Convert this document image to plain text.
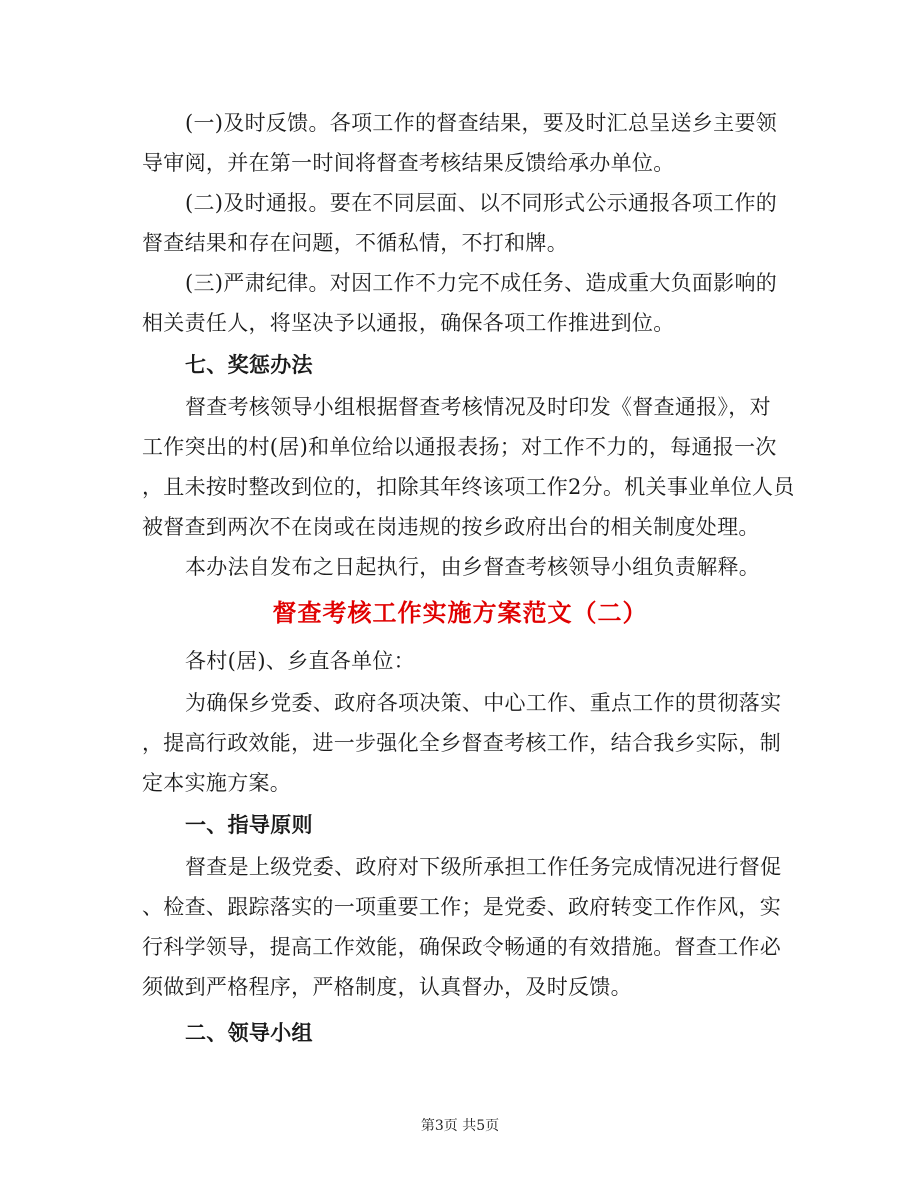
(一)及时反馈。各项工作的督查结果，要及时汇总呈送乡主要领
导审阅，并在第一时间将督查考核结果反馈给承办单位。
(二)及时通报。要在不同层面、以不同形式公示通报各项工作的
督查结果和存在问题，不循私情，不打和牌。
(三)严肃纪律。对因工作不力完不成任务、造成重大负面影响的
相关责任人，将坚决予以通报，确保各项工作推进到位。
七、奖惩办法
督查考核领导小组根据督查考核情况及时印发《督查通报》，对
工作突出的村(居)和单位给以通报表扬；对工作不力的，每通报一次
，且未按时整改到位的，扣除其年终该项工作2分。机关事业单位人员
被督查到两次不在岗或在岗违规的按乡政府出台的相关制度处理。
本办法自发布之日起执行，由乡督查考核领导小组负责解释。
督查考核工作实施方案范文（二）
各村(居)、乡直各单位：
为确保乡党委、政府各项决策、中心工作、重点工作的贯彻落实
，提高行政效能，进一步强化全乡督查考核工作，结合我乡实际，制
定本实施方案。
一、指导原则
督查是上级党委、政府对下级所承担工作任务完成情况进行督促
、检查、跟踪落实的一项重要工作；是党委、政府转变工作作风，实
行科学领导，提高工作效能，确保政令畅通的有效措施。督查工作必
须做到严格程序，严格制度，认真督办，及时反馈。
二、领导小组
第3页 共5页
